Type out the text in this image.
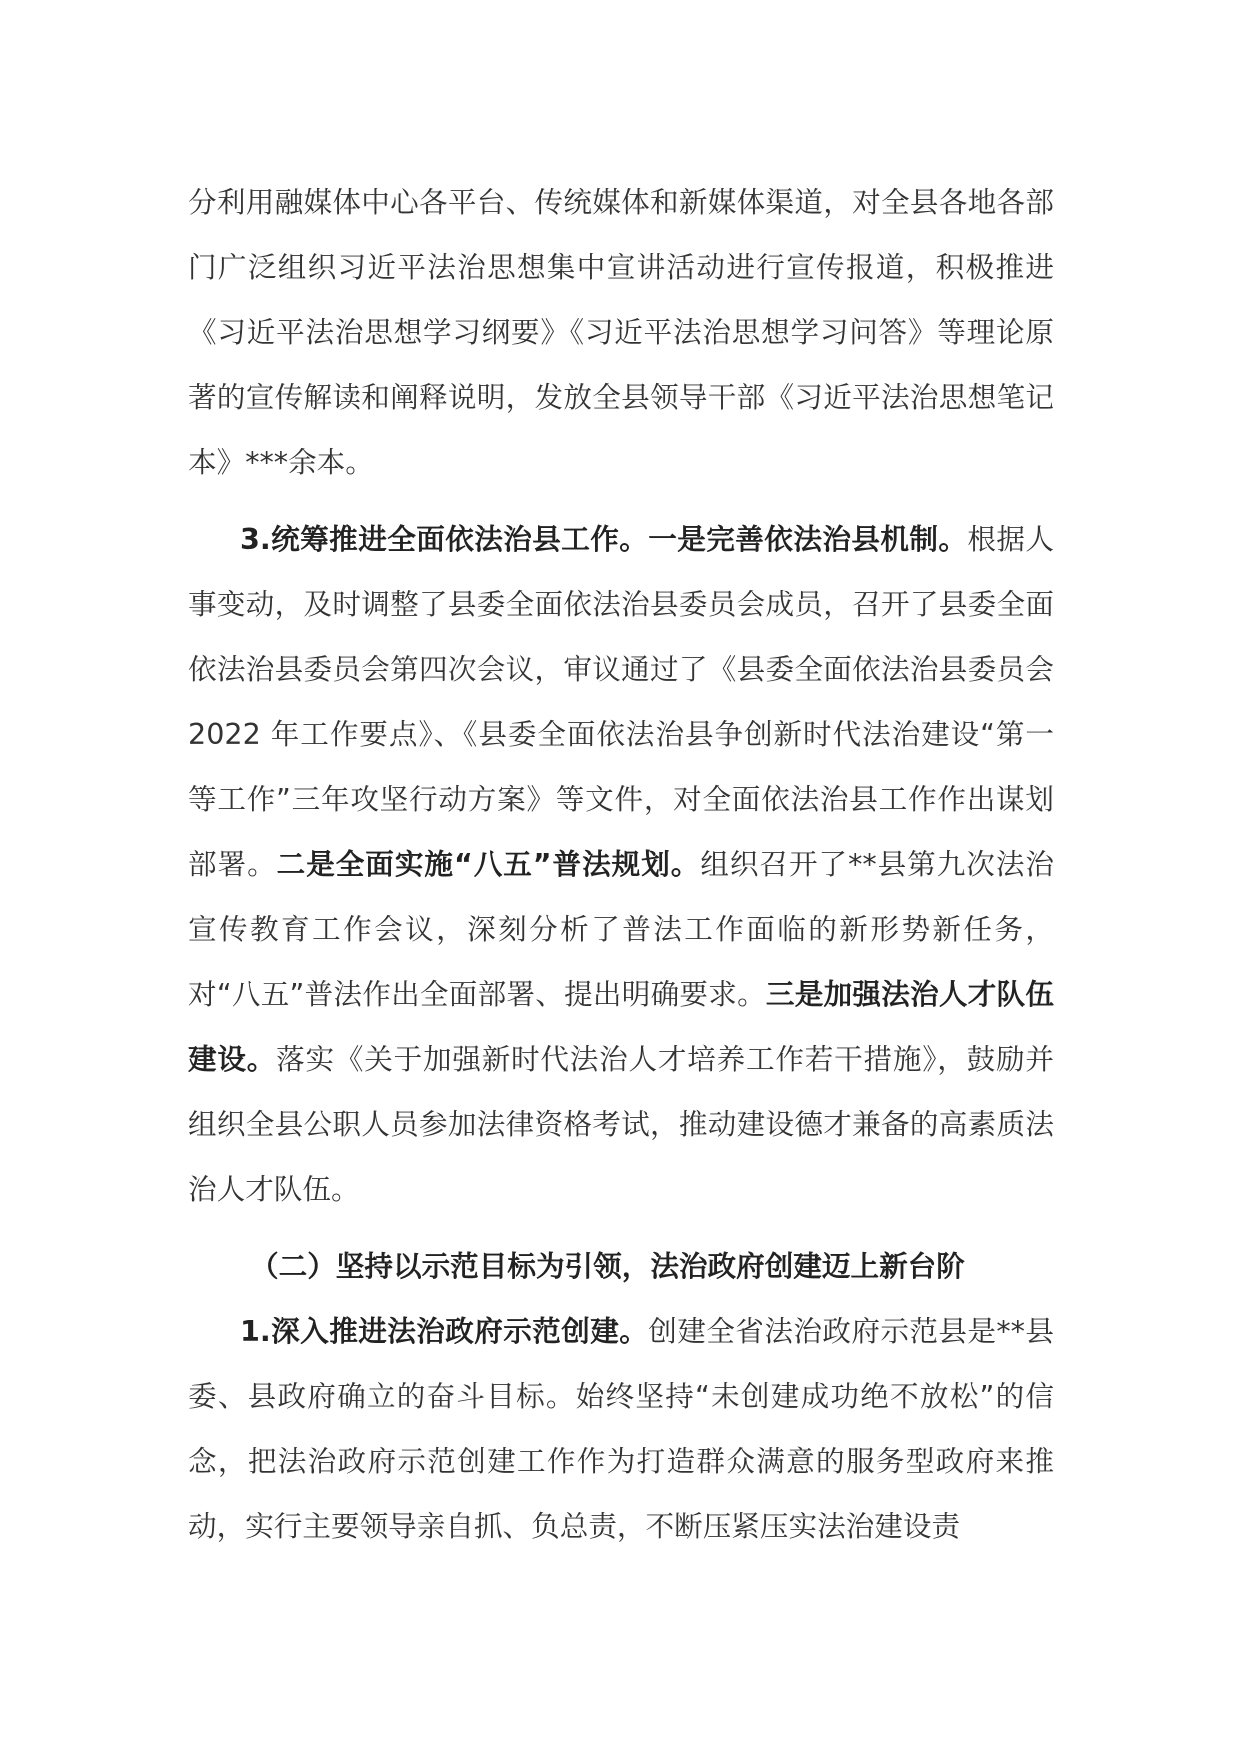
分利用融媒体中心各平台、传统媒体和新媒体渠道，对全县各地各部门广泛组织习近平法治思想集中宣讲活动进行宣传报道，积极推进《习近平法治思想学习纲要》《习近平法治思想学习问答》等理论原著的宣传解读和阐释说明，发放全县领导干部《习近平法治思想笔记本》***余本。

3.统筹推进全面依法治县工作。一是完善依法治县机制。根据人事变动，及时调整了县委全面依法治县委员会成员，召开了县委全面依法治县委员会第四次会议，审议通过了《县委全面依法治县委员会 2022 年工作要点》、《县委全面依法治县争创新时代法治建设“第一等工作”三年攻坚行动方案》等文件，对全面依法治县工作作出谋划部署。二是全面实施“八五”普法规划。组织召开了**县第九次法治宣传教育工作会议，深刻分析了普法工作面临的新形势新任务，对“八五”普法作出全面部署、提出明确要求。三是加强法治人才队伍建设。落实《关于加强新时代法治人才培养工作若干措施》，鼓励并组织全县公职人员参加法律资格考试，推动建设德才兼备的高素质法治人才队伍。

（二）坚持以示范目标为引领，法治政府创建迈上新台阶

1.深入推进法治政府示范创建。创建全省法治政府示范县是**县委、县政府确立的奋斗目标。始终坚持“未创建成功绝不放松”的信念，把法治政府示范创建工作作为打造群众满意的服务型政府来推动，实行主要领导亲自抓、负总责，不断压紧压实法治建设责
